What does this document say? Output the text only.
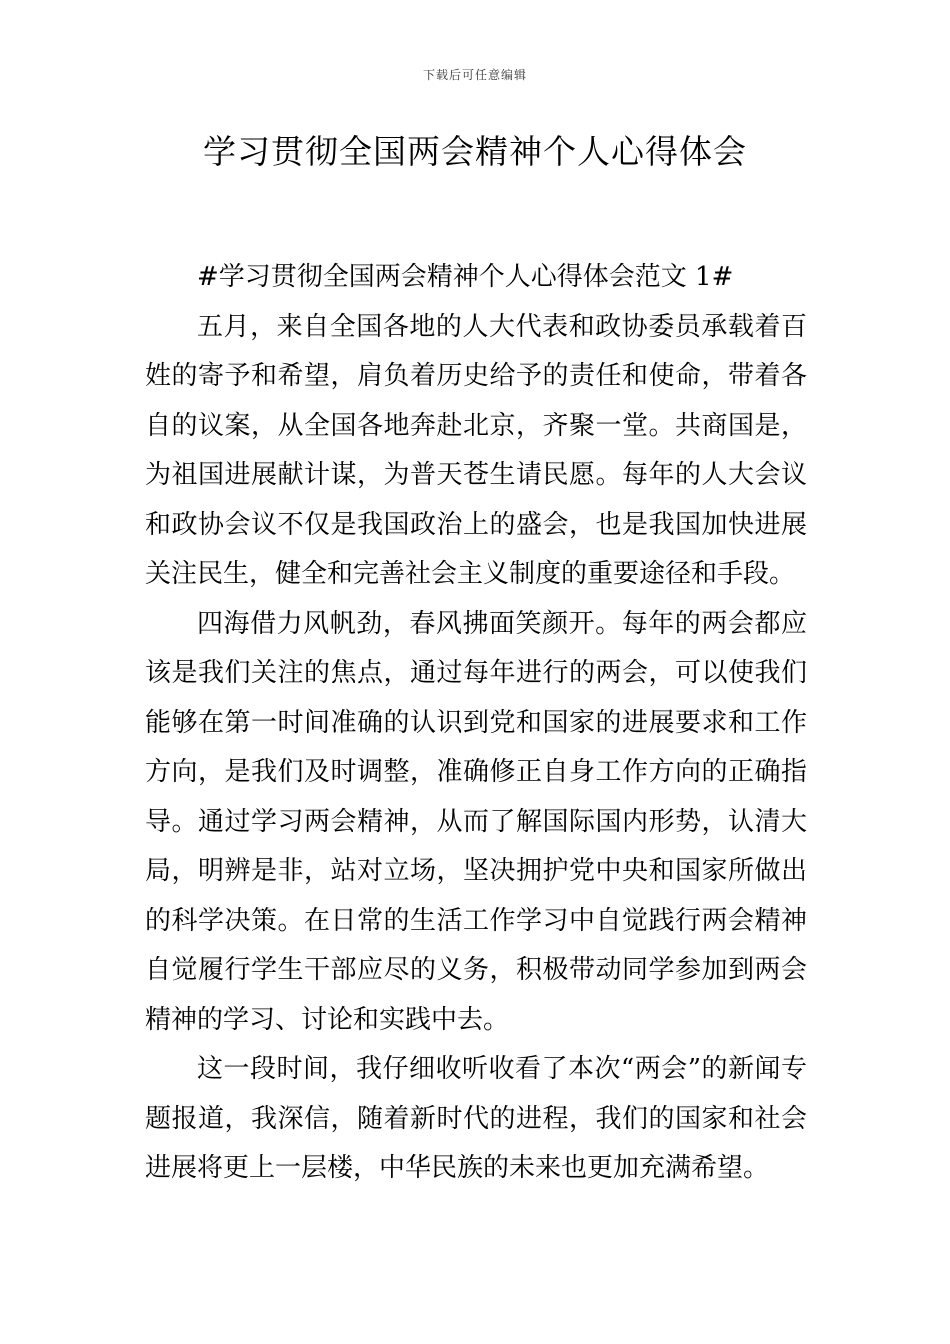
下载后可任意编辑
学习贯彻全国两会精神个人心得体会

#学习贯彻全国两会精神个人心得体会范文 1#

五月，来自全国各地的人大代表和政协委员承载着百姓的寄予和希望，肩负着历史给予的责任和使命，带着各自的议案，从全国各地奔赴北京，齐聚一堂。共商国是，为祖国进展献计谋，为普天苍生请民愿。每年的人大会议和政协会议不仅是我国政治上的盛会，也是我国加快进展关注民生，健全和完善社会主义制度的重要途径和手段。

四海借力风帆劲，春风拂面笑颜开。每年的两会都应该是我们关注的焦点，通过每年进行的两会，可以使我们能够在第一时间准确的认识到党和国家的进展要求和工作方向，是我们及时调整，准确修正自身工作方向的正确指导。通过学习两会精神，从而了解国际国内形势，认清大局，明辨是非，站对立场，坚决拥护党中央和国家所做出的科学决策。在日常的生活工作学习中自觉践行两会精神自觉履行学生干部应尽的义务，积极带动同学参加到两会精神的学习、讨论和实践中去。

这一段时间，我仔细收听收看了本次“两会”的新闻专题报道，我深信，随着新时代的进程，我们的国家和社会进展将更上一层楼，中华民族的未来也更加充满希望。
